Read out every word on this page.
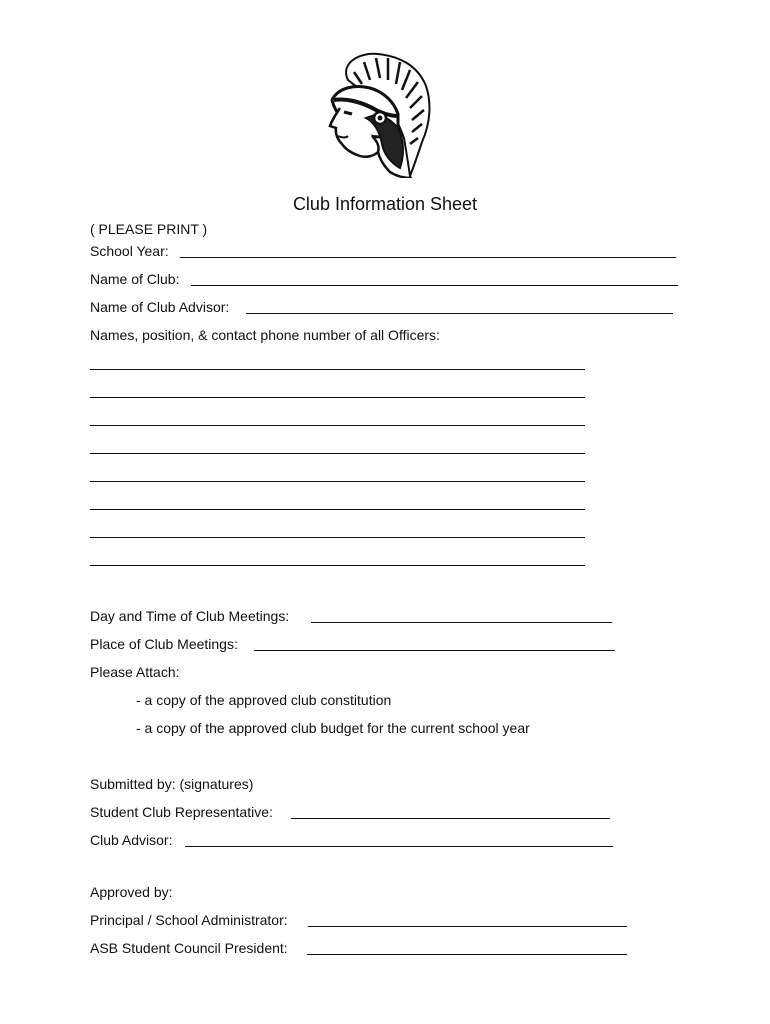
Club Information Sheet
( PLEASE PRINT )
School Year:
Name of Club:
Name of Club Advisor:
Names, position, & contact phone number of all Officers:
Day and Time of Club Meetings:
Place of Club Meetings:
Please Attach:
- a copy of the approved club constitution
- a copy of the approved club budget for the current school year
Submitted by: (signatures)
Student Club Representative:
Club Advisor:
Approved by:
Principal / School Administrator:
ASB Student Council President:
